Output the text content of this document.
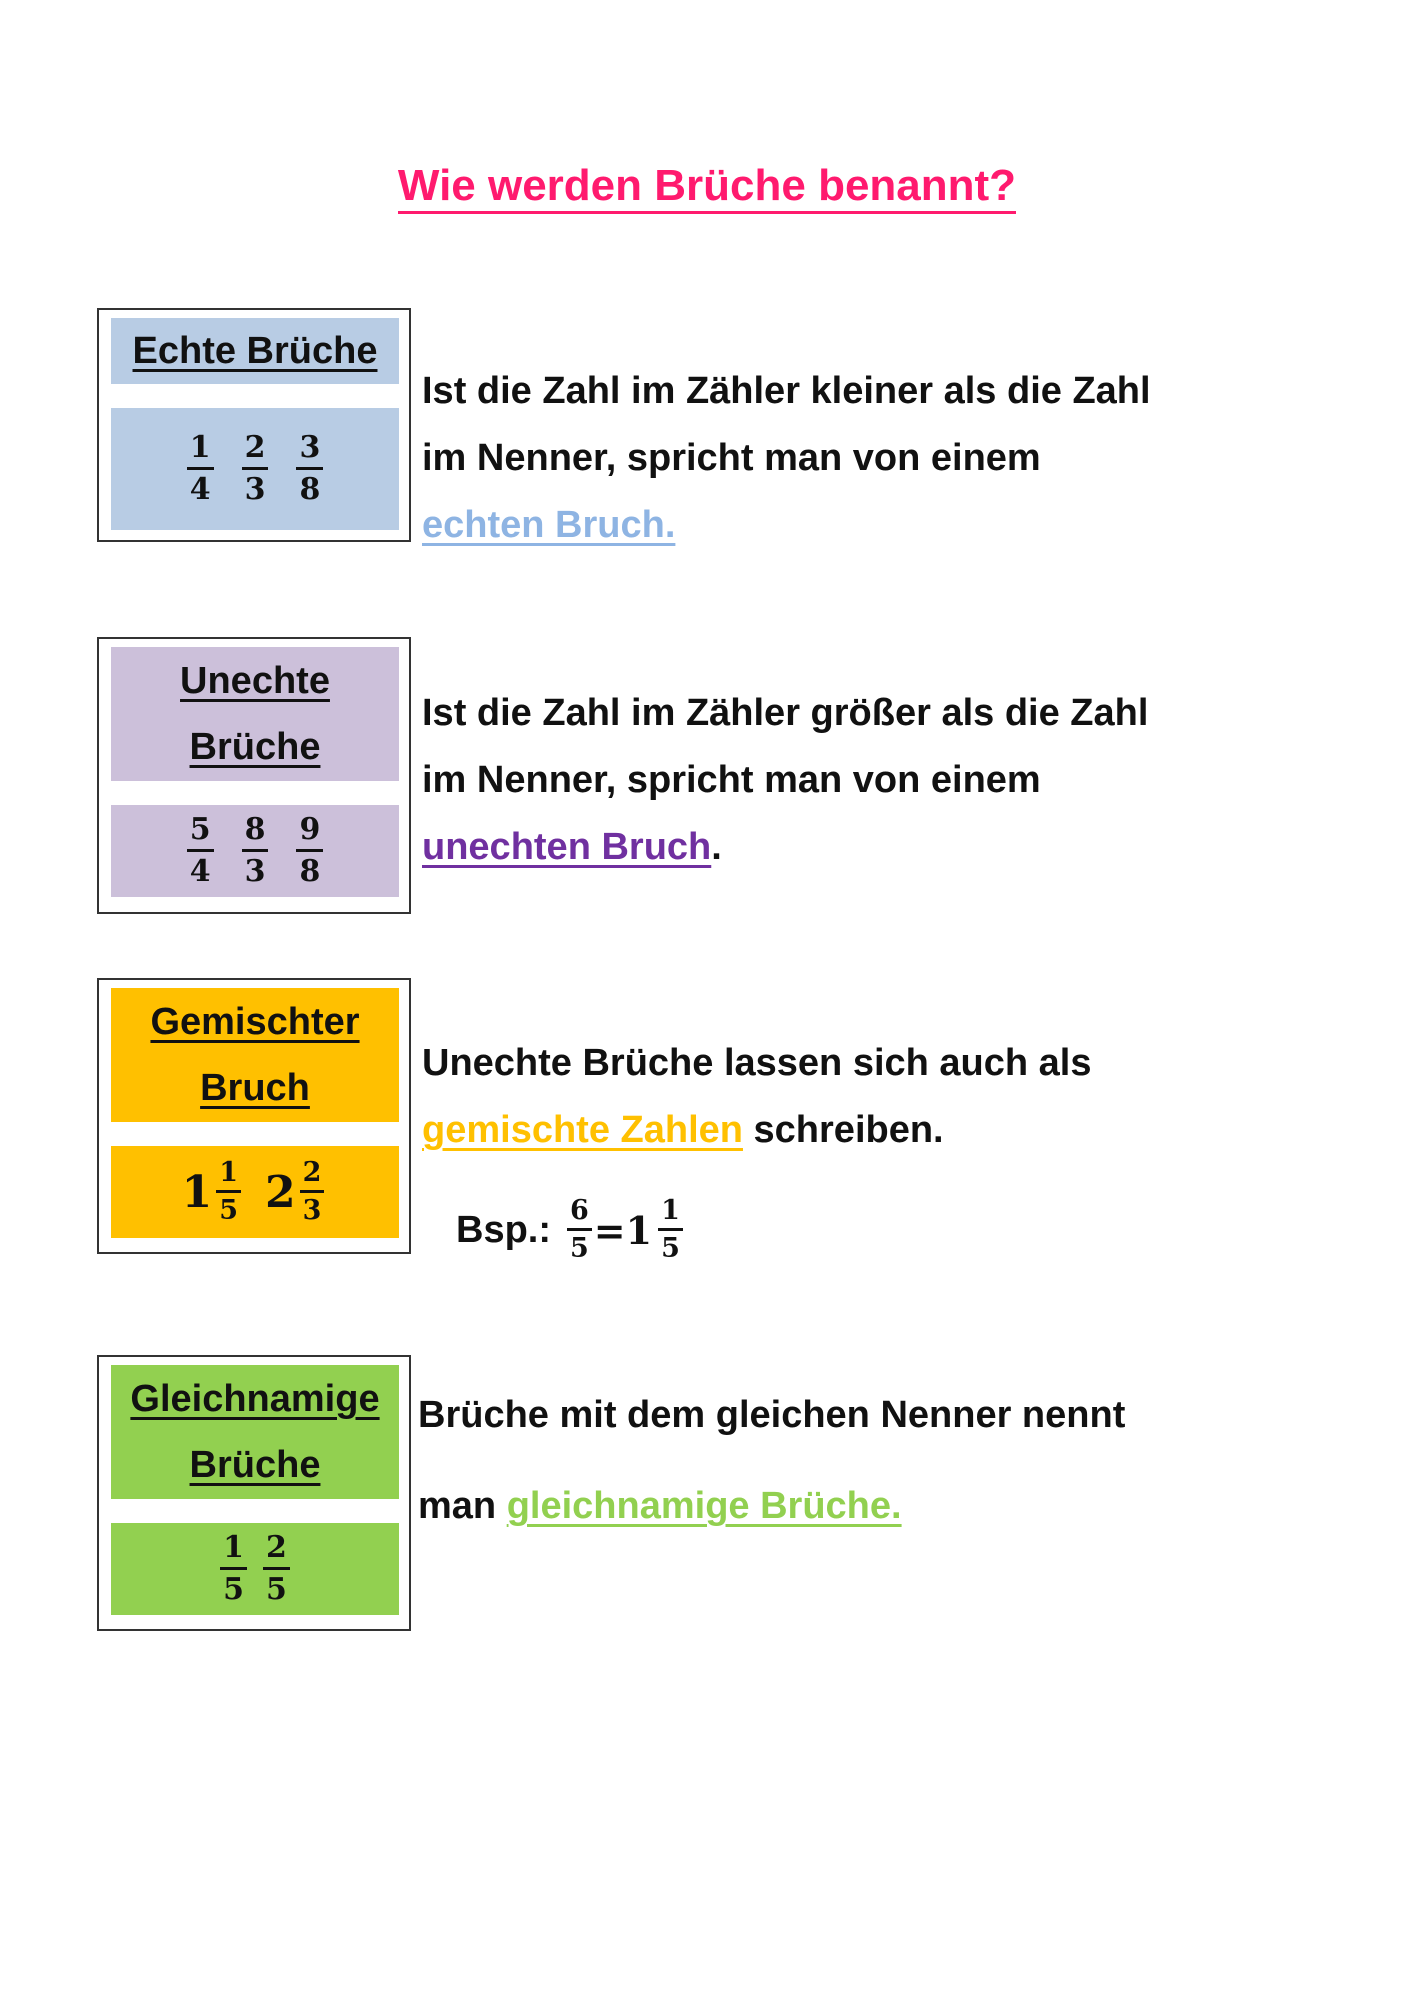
Wie werden Brüche benannt?
Echte Brüche
$\frac{1}{4} \frac{2}{3} \frac{3}{8}$
Ist die Zahl im Zähler kleiner als die Zahl
im Nenner, spricht man von einem
echten Bruch.
Unechte
Brüche
$\frac{5}{4} \frac{8}{3} \frac{9}{8}$
Ist die Zahl im Zähler größer als die Zahl
im Nenner, spricht man von einem
unechten Bruch.
Gemischter
Bruch
$1 \frac{1}{5} 2 \frac{2}{3}$
Unechte Brüche lassen sich auch als
gemischte Zahlen schreiben.
Bsp.: $\frac{6}{5} =1 \frac{1}{5}$
Gleichnamige
Brüche
$\frac{1}{5} \frac{2}{5}$
Brüche mit dem gleichen Nenner nennt
man gleichnamige Brüche.
